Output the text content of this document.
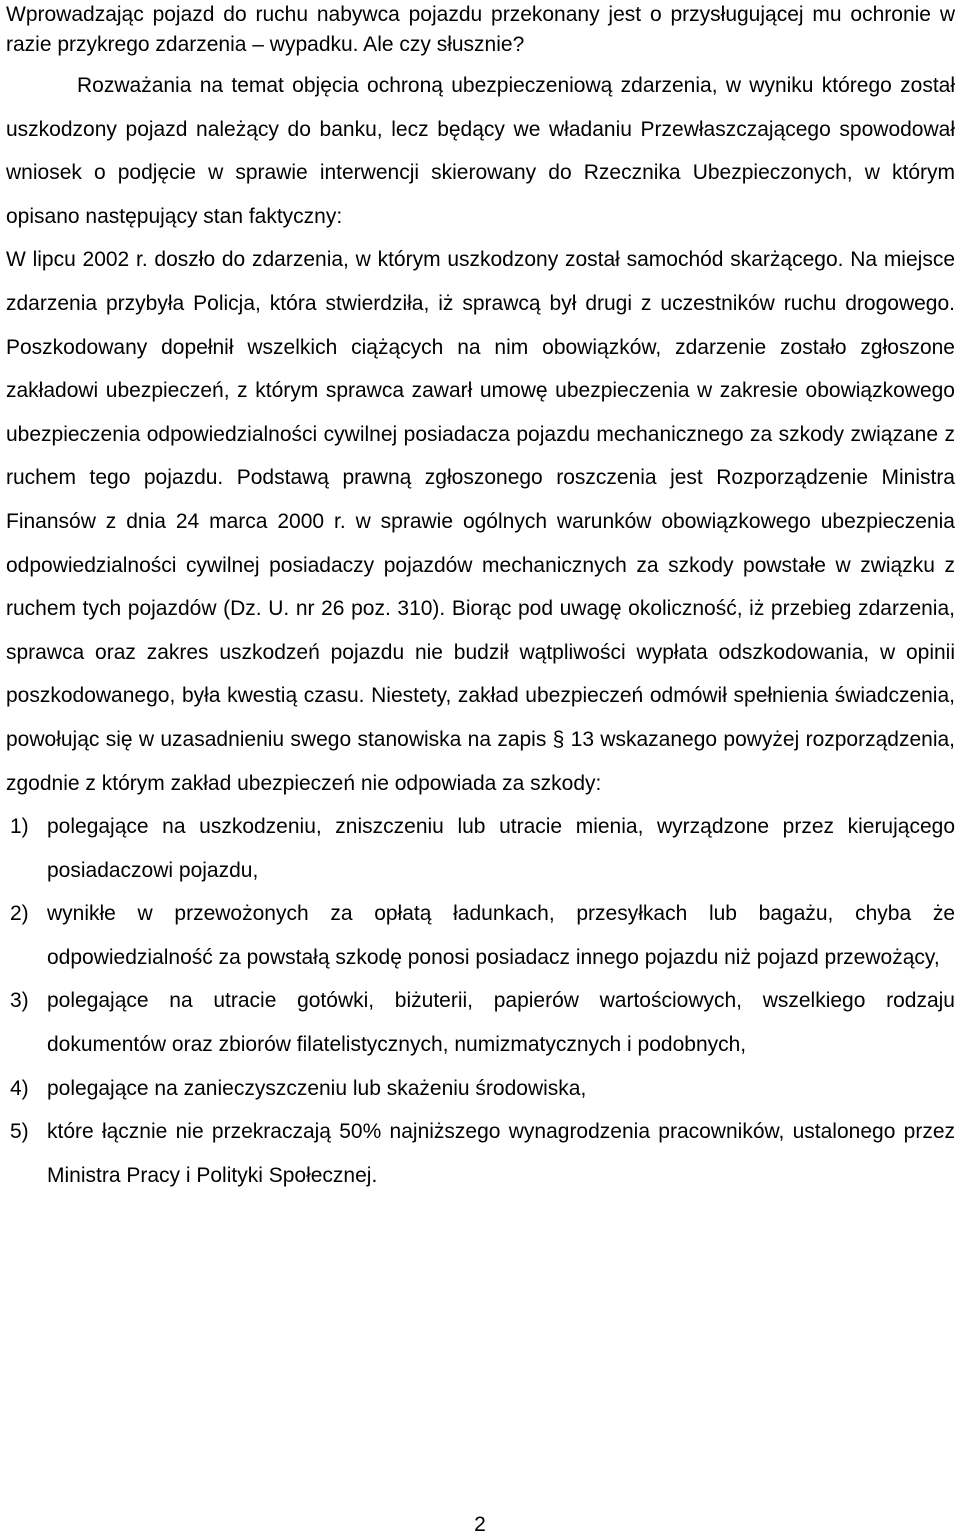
Wprowadzając pojazd do ruchu nabywca pojazdu przekonany jest o przysługującej mu ochronie w razie przykrego zdarzenia – wypadku. Ale czy słusznie?

Rozważania na temat objęcia ochroną ubezpieczeniową zdarzenia, w wyniku którego został uszkodzony pojazd należący do banku, lecz będący we władaniu Przewłaszczającego spowodował wniosek o podjęcie w sprawie interwencji skierowany do Rzecznika Ubezpieczonych, w którym opisano następujący stan faktyczny:

W lipcu 2002 r. doszło do zdarzenia, w którym uszkodzony został samochód skarżącego. Na miejsce zdarzenia przybyła Policja, która stwierdziła, iż sprawcą był drugi z uczestników ruchu drogowego. Poszkodowany dopełnił wszelkich ciążących na nim obowiązków, zdarzenie zostało zgłoszone zakładowi ubezpieczeń, z którym sprawca zawarł umowę ubezpieczenia w zakresie obowiązkowego ubezpieczenia odpowiedzialności cywilnej posiadacza pojazdu mechanicznego za szkody związane z ruchem tego pojazdu. Podstawą prawną zgłoszonego roszczenia jest Rozporządzenie Ministra Finansów z dnia 24 marca 2000 r. w sprawie ogólnych warunków obowiązkowego ubezpieczenia odpowiedzialności cywilnej posiadaczy pojazdów mechanicznych za szkody powstałe w związku z ruchem tych pojazdów (Dz. U. nr 26 poz. 310). Biorąc pod uwagę okoliczność, iż przebieg zdarzenia, sprawca oraz zakres uszkodzeń pojazdu nie budził wątpliwości wypłata odszkodowania, w opinii poszkodowanego, była kwestią czasu. Niestety, zakład ubezpieczeń odmówił spełnienia świadczenia, powołując się w uzasadnieniu swego stanowiska na zapis § 13 wskazanego powyżej rozporządzenia, zgodnie z którym zakład ubezpieczeń nie odpowiada za szkody:

1) polegające na uszkodzeniu, zniszczeniu lub utracie mienia, wyrządzone przez kierującego posiadaczowi pojazdu,
2) wynikłe w przewożonych za opłatą ładunkach, przesyłkach lub bagażu, chyba że odpowiedzialność za powstałą szkodę ponosi posiadacz innego pojazdu niż pojazd przewożący,
3) polegające na utracie gotówki, biżuterii, papierów wartościowych, wszelkiego rodzaju dokumentów oraz zbiorów filatelistycznych, numizmatycznych i podobnych,
4) polegające na zanieczyszczeniu lub skażeniu środowiska,
5) które łącznie nie przekraczają 50% najniższego wynagrodzenia pracowników, ustalonego przez Ministra Pracy i Polityki Społecznej.
2
